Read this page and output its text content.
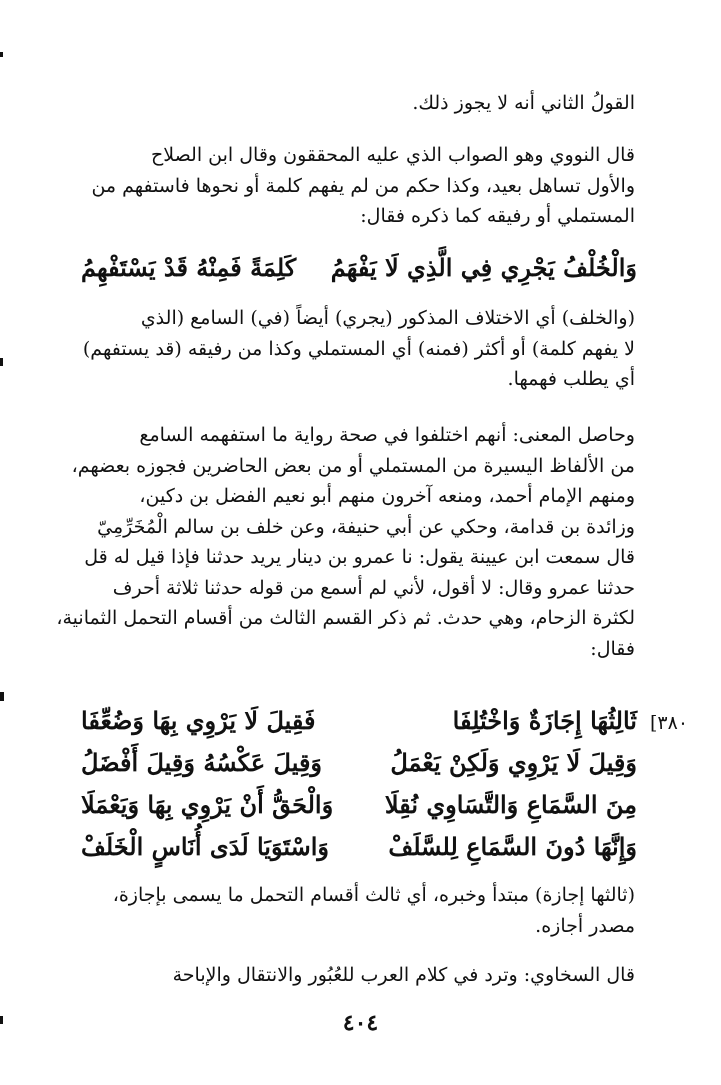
القولُ الثاني أنه لا يجوز ذلك.

قال النووي وهو الصواب الذي عليه المحققون وقال ابن الصلاح
والأول تساهل بعيد، وكذا حكم من لم يفهم كلمة أو نحوها فاستفهم من
المستملي أو رفيقه كما ذكره فقال:

وَالْخُلْفُ يَجْرِي فِي الَّذِي لَا يَفْهَمُ
كَلِمَةً فَمِنْهُ قَدْ يَسْتَفْهِمُ

(والخلف) أي الاختلاف المذكور (يجري) أيضاً (في) السامع (الذي
لا يفهم كلمة) أو أكثر (فمنه) أي المستملي وكذا من رفيقه (قد يستفهم)
أي يطلب فهمها.

وحاصل المعنى: أنهم اختلفوا في صحة رواية ما استفهمه السامع
من الألفاظ اليسيرة من المستملي أو من بعض الحاضرين فجوزه بعضهم،
ومنهم الإمام أحمد، ومنعه آخرون منهم أبو نعيم الفضل بن دكين،
وزائدة بن قدامة، وحكي عن أبي حنيفة، وعن خلف بن سالم الْمُخَرِّمِيّ
قال سمعت ابن عيينة يقول: نا عمرو بن دينار يريد حدثنا فإذا قيل له قل
حدثنا عمرو وقال: لا أقول، لأني لم أسمع من قوله حدثنا ثلاثة أحرف
لكثرة الزحام، وهي حدث. ثم ذكر القسم الثالث من أقسام التحمل الثمانية،
فقال:

[٣٨٠
ثَالِثُهَا إِجَازَةٌ وَاخْتُلِفَا
فَقِيلَ لَا يَرْوِي بِهَا وَضُعِّفَا
وَقِيلَ لَا يَرْوِي وَلَكِنْ يَعْمَلُ
وَقِيلَ عَكْسُهُ وَقِيلَ أَفْضَلُ
مِنَ السَّمَاعِ وَالتَّسَاوِي نُقِلَا
وَالْحَقُّ أَنْ يَرْوِي بِهَا وَيَعْمَلَا
وَإِنَّهَا دُونَ السَّمَاعِ لِلسَّلَفْ
وَاسْتَوَيَا لَدَى أُنَاسٍ الْخَلَفْ

(ثالثها إجازة) مبتدأ وخبره، أي ثالث أقسام التحمل ما يسمى بإجازة،
مصدر أجازه.

قال السخاوي: وترد في كلام العرب للعُبُور والانتقال والإباحة

٤٠٤
